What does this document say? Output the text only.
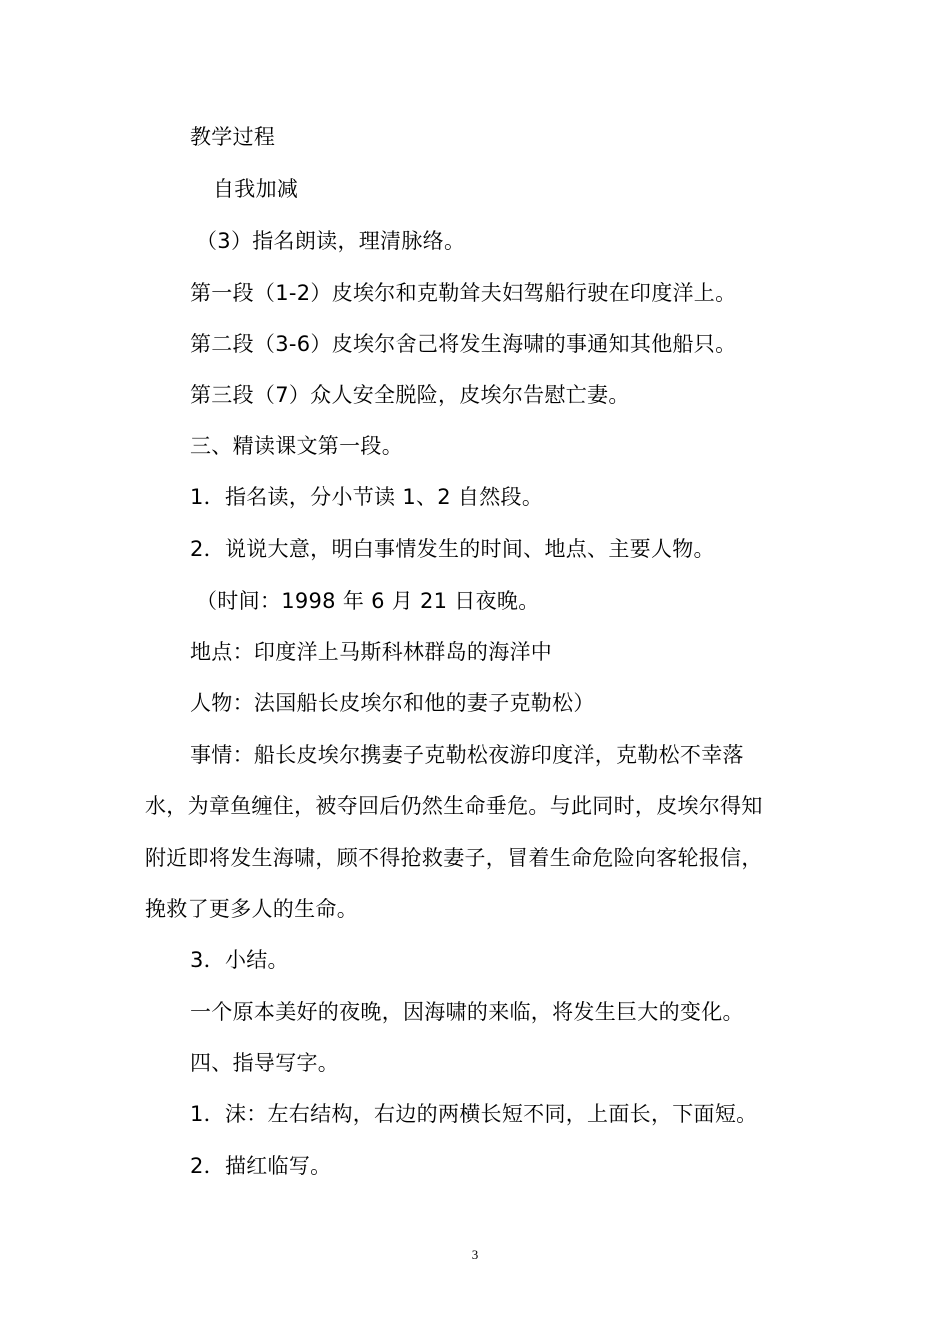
教学过程
自我加减
（3）指名朗读，理清脉络。
第一段（1-2）皮埃尔和克勒耸夫妇驾船行驶在印度洋上。
第二段（3-6）皮埃尔舍己将发生海啸的事通知其他船只。
第三段（7）众人安全脱险，皮埃尔告慰亡妻。
三、精读课文第一段。
1．指名读，分小节读 1、2 自然段。
2．说说大意，明白事情发生的时间、地点、主要人物。
（时间：1998 年 6 月 21 日夜晚。
地点：印度洋上马斯科林群岛的海洋中
人物：法国船长皮埃尔和他的妻子克勒松）
事情：船长皮埃尔携妻子克勒松夜游印度洋，克勒松不幸落
水，为章鱼缠住，被夺回后仍然生命垂危。与此同时，皮埃尔得知
附近即将发生海啸，顾不得抢救妻子，冒着生命危险向客轮报信，
挽救了更多人的生命。
3．小结。
一个原本美好的夜晚，因海啸的来临，将发生巨大的变化。
四、指导写字。
1．沫：左右结构，右边的两横长短不同，上面长，下面短。
2．描红临写。
3
